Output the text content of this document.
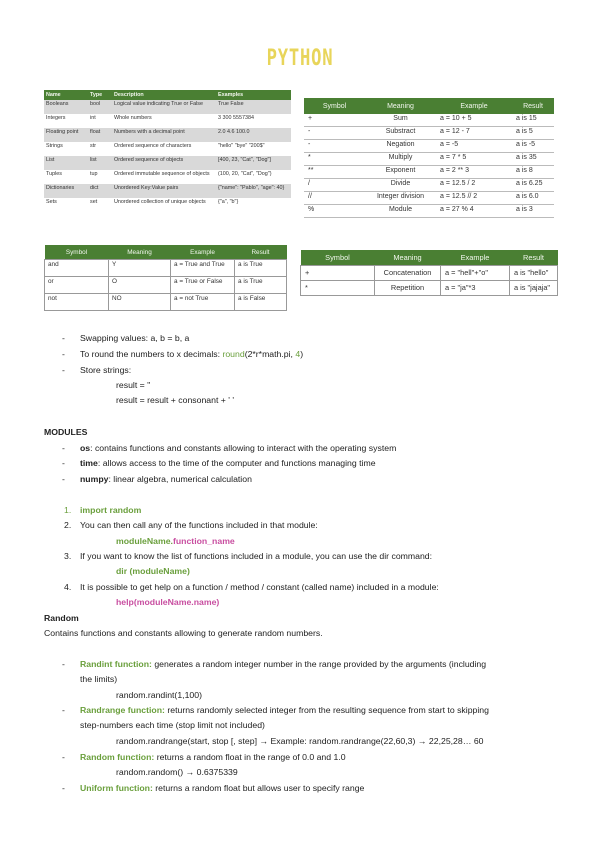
PYTHON
Name	Type	Description	Examples
Booleans	bool	Logical value indicating True or False	True False
Integers	int	Whole numbers	3 300 5557384
Floating point	float	Numbers with a decimal point	2.0 4.6 100.0
Strings	str	Ordered sequence of characters	"hello" "bye" "200$"
List	list	Ordered sequence of objects	[400, 23, "Cat", "Dog"]
Tuples	tup	Ordered immutable sequence of objects	(100, 20, "Cat", "Dog")
Dictionaries	dict	Unordered Key:Value pairs	{"name": "Pablo", "age": 40}
Sets	set	Unordered collection of unique objects	{"a", "b"}
Symbol	Meaning	Example	Result
+	Sum	a = 10 + 5	a is 15
-	Substract	a = 12 - 7	a is 5
-	Negation	a = -5	a is -5
*	Multiply	a = 7 * 5	a is 35
**	Exponent	a = 2 ** 3	a is 8
/	Divide	a = 12.5 / 2	a is 6.25
//	Integer division	a = 12.5 // 2	a is 6.0
%	Module	a = 27 % 4	a is 3
Symbol	Meaning	Example	Result
and	Y	a = True and True	a is True
or	O	a = True or False	a is True
not	NO	a = not True	a is False
Symbol	Meaning	Example	Result
+	Concatenation	a = "hell"+"o"	a is "hello"
*	Repetition	a = "ja"*3	a is "jajaja"
- Swapping values: a, b = b, a
- To round the numbers to x decimals: round(2*r*math.pi, 4)
- Store strings:
result = ''
result = result + consonant + ' '
MODULES
- os: contains functions and constants allowing to interact with the operating system
- time: allows access to the time of the computer and functions managing time
- numpy: linear algebra, numerical calculation
1. import random
2. You can then call any of the functions included in that module:
moduleName.function_name
3. If you want to know the list of functions included in a module, you can use the dir command:
dir (moduleName)
4. It is possible to get help on a function / method / constant (called name) included in a module:
help(moduleName.name)
Random
Contains functions and constants allowing to generate random numbers.
- Randint function: generates a random integer number in the range provided by the arguments (including
the limits)
random.randint(1,100)
- Randrange function: returns randomly selected integer from the resulting sequence from start to skipping
step-numbers each time (stop limit not included)
random.randrange(start, stop [, step] → Example: random.randrange(22,60,3) → 22,25,28… 60
- Random function: returns a random float in the range of 0.0 and 1.0
random.random() → 0.6375339
- Uniform function: returns a random float but allows user to specify range
